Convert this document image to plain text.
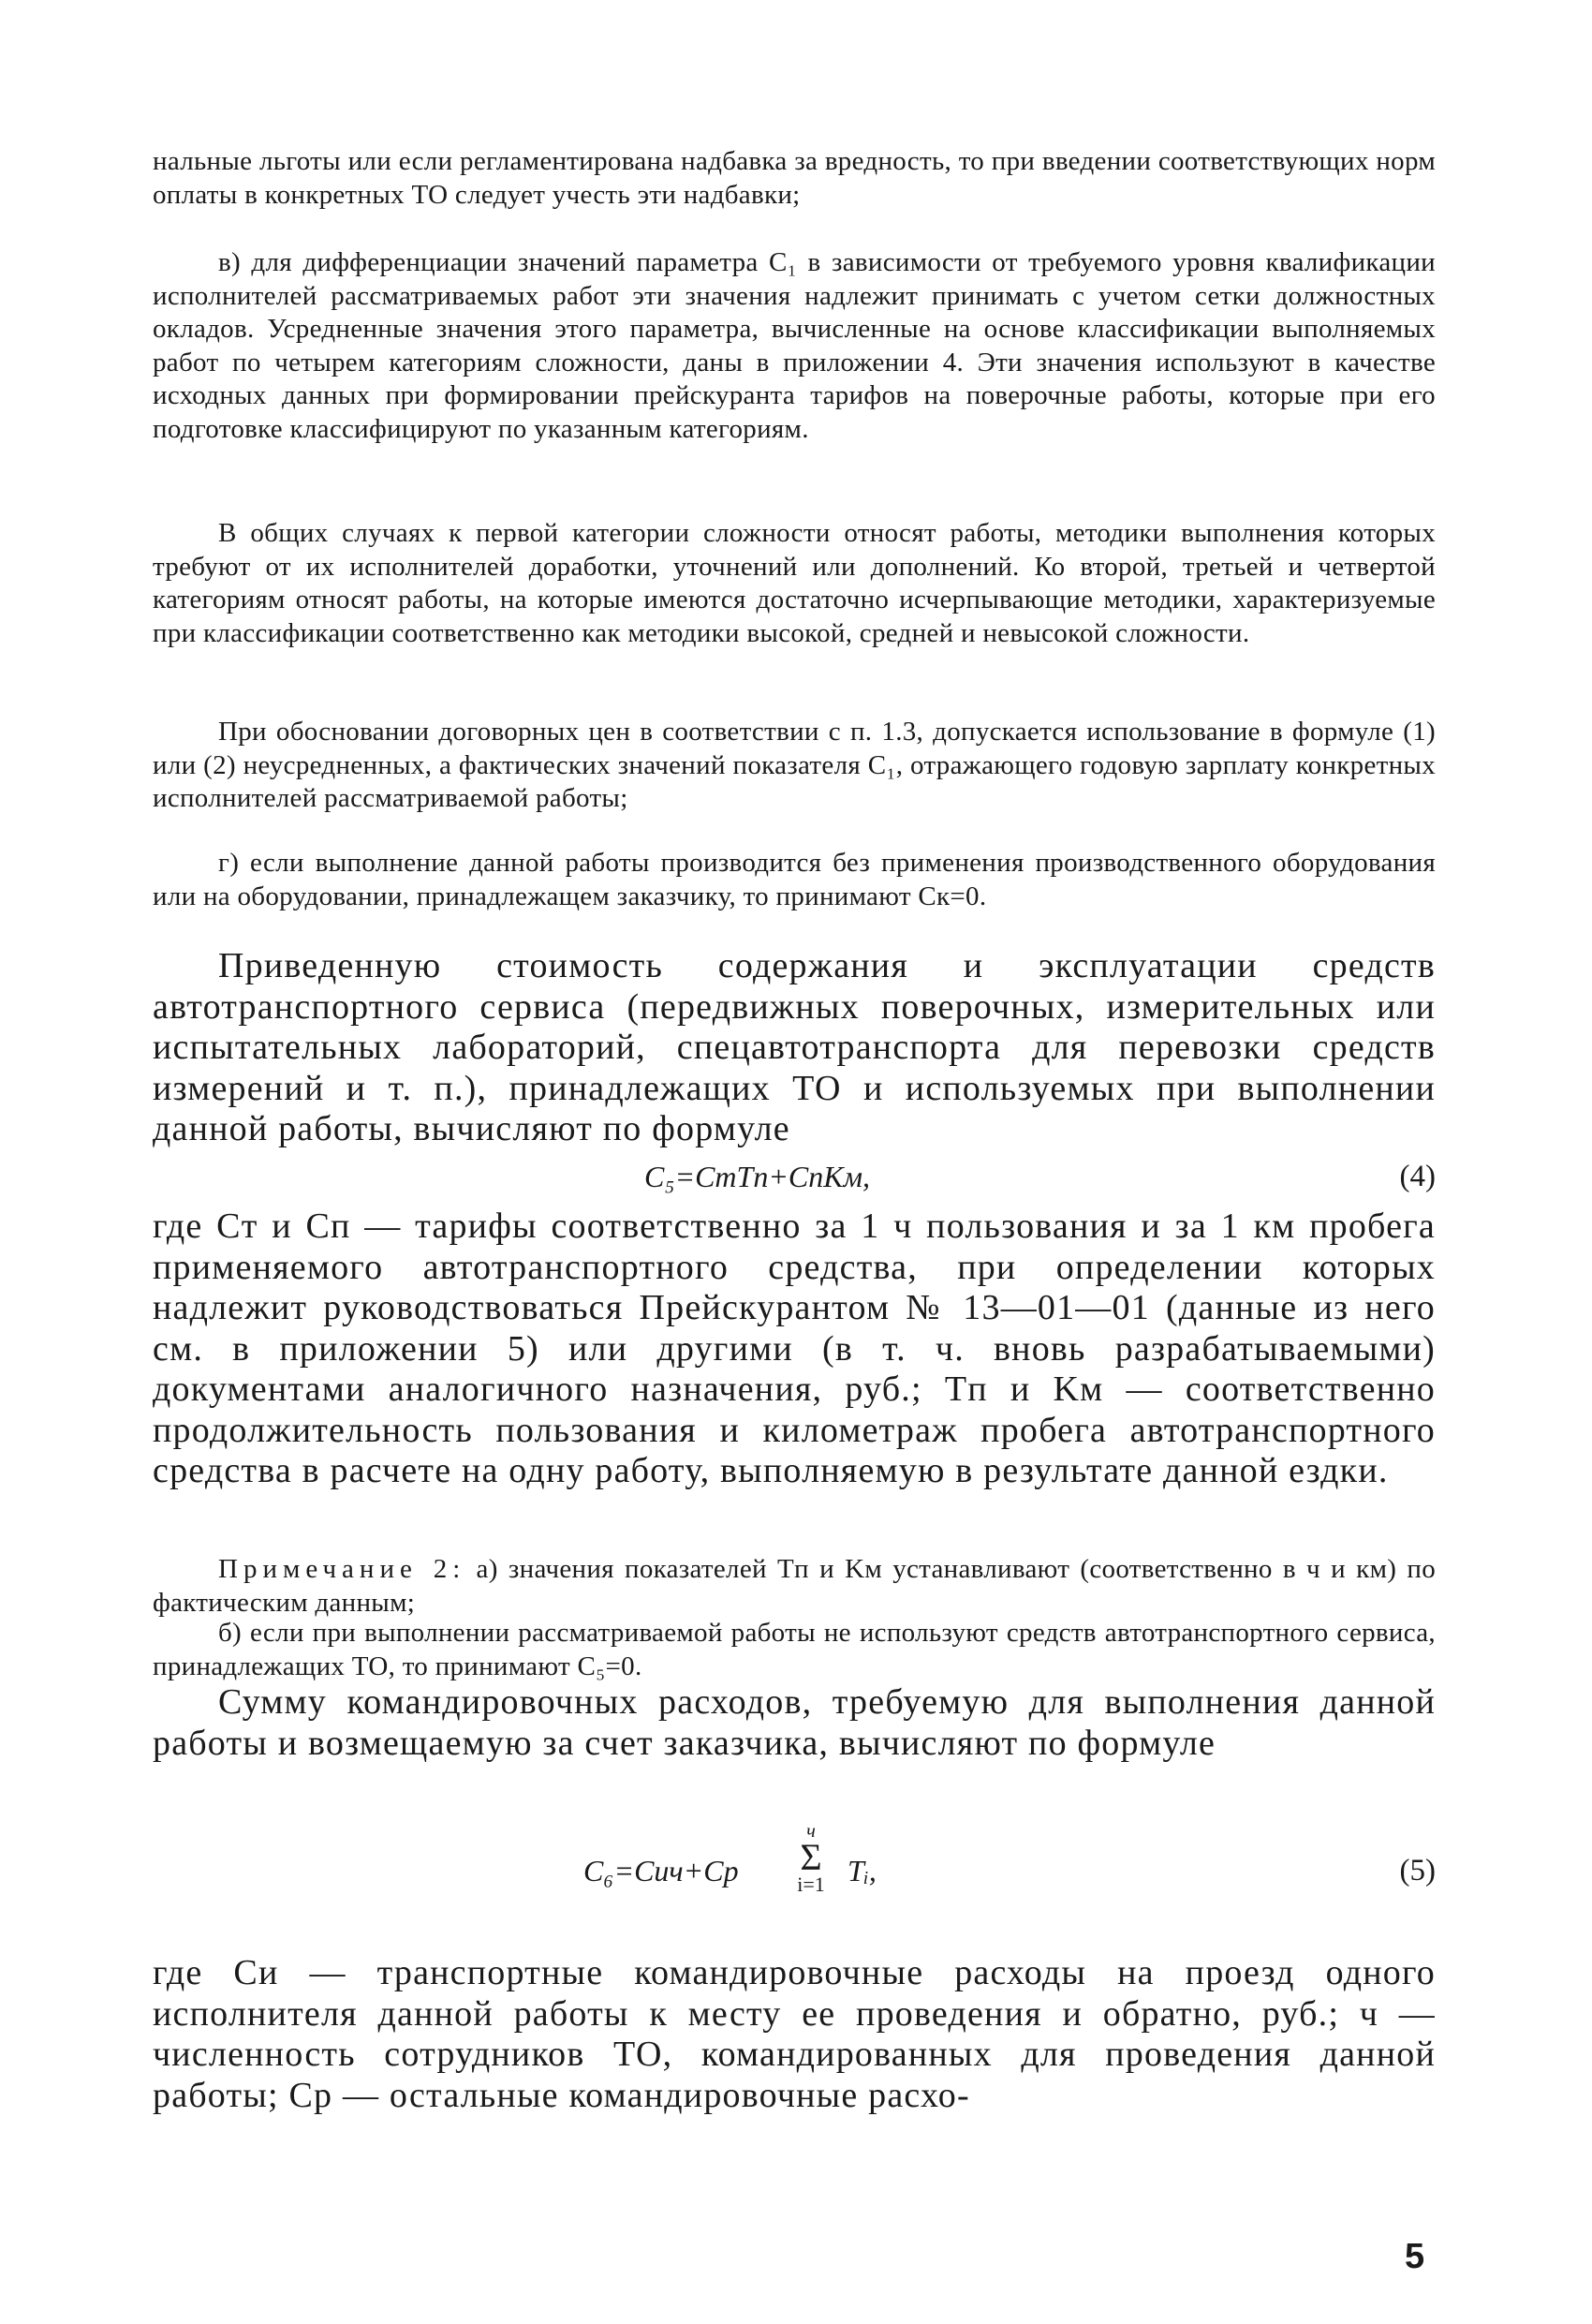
нальные льготы или если регламентирована надбавка за вредность, то при введении соответствующих норм оплаты в конкретных ТО следует учесть эти надбавки;

в) для дифференциации значений параметра C₁ в зависимости от требуемого уровня квалификации исполнителей рассматриваемых работ эти значения надлежит принимать с учетом сетки должностных окладов. Усредненные значения этого параметра, вычисленные на основе классификации выполняемых работ по четырем категориям сложности, даны в приложении 4. Эти значения используют в качестве исходных данных при формировании прейскуранта тарифов на поверочные работы, которые при его подготовке классифицируют по указанным категориям.

В общих случаях к первой категории сложности относят работы, методики выполнения которых требуют от их исполнителей доработки, уточнений или дополнений. Ко второй, третьей и четвертой категориям относят работы, на которые имеются достаточно исчерпывающие методики, характеризуемые при классификации соответственно как методики высокой, средней и невысокой сложности.

При обосновании договорных цен в соответствии с п. 1.3, допускается использование в формуле (1) или (2) неусредненных, а фактических значений показателя C₁, отражающего годовую зарплату конкретных исполнителей рассматриваемой работы;

г) если выполнение данной работы производится без применения производственного оборудования или на оборудовании, принадлежащем заказчику, то принимают Cк=0.

Приведенную стоимость содержания и эксплуатации средств автотранспортного сервиса (передвижных поверочных, измерительных или испытательных лабораторий, спецавтотранспорта для перевозки средств измерений и т. п.), принадлежащих ТО и используемых при выполнении данной работы, вычисляют по формуле

C₅=CтTп+CпKм,	(4)

где Cт и Cп — тарифы соответственно за 1 ч пользования и за 1 км пробега применяемого автотранспортного средства, при определении которых надлежит руководствоваться Прейскурантом № 13—01—01 (данные из него см. в приложении 5) или другими (в т. ч. вновь разрабатываемыми) документами аналогичного назначения, руб.; Tп и Kм — соответственно продолжительность пользования и километраж пробега автотранспортного средства в расчете на одну работу, выполняемую в результате данной ездки.

Примечание 2: а) значения показателей Tп и Kм устанавливают (соответственно в ч и км) по фактическим данным;

б) если при выполнении рассматриваемой работы не используют средств автотранспортного сервиса, принадлежащих ТО, то принимают C₅=0.

Сумму командировочных расходов, требуемую для выполнения данной работы и возмещаемую за счет заказчика, вычисляют по формуле

C₆=Cич+Cр
ч
Σ
i=1 Tᵢ,	(5)

где Cи — транспортные командировочные расходы на проезд одного исполнителя данной работы к месту ее проведения и обратно, руб.; ч — численность сотрудников ТО, командированных для проведения данной работы; Cр — остальные командировочные расхо-

5
